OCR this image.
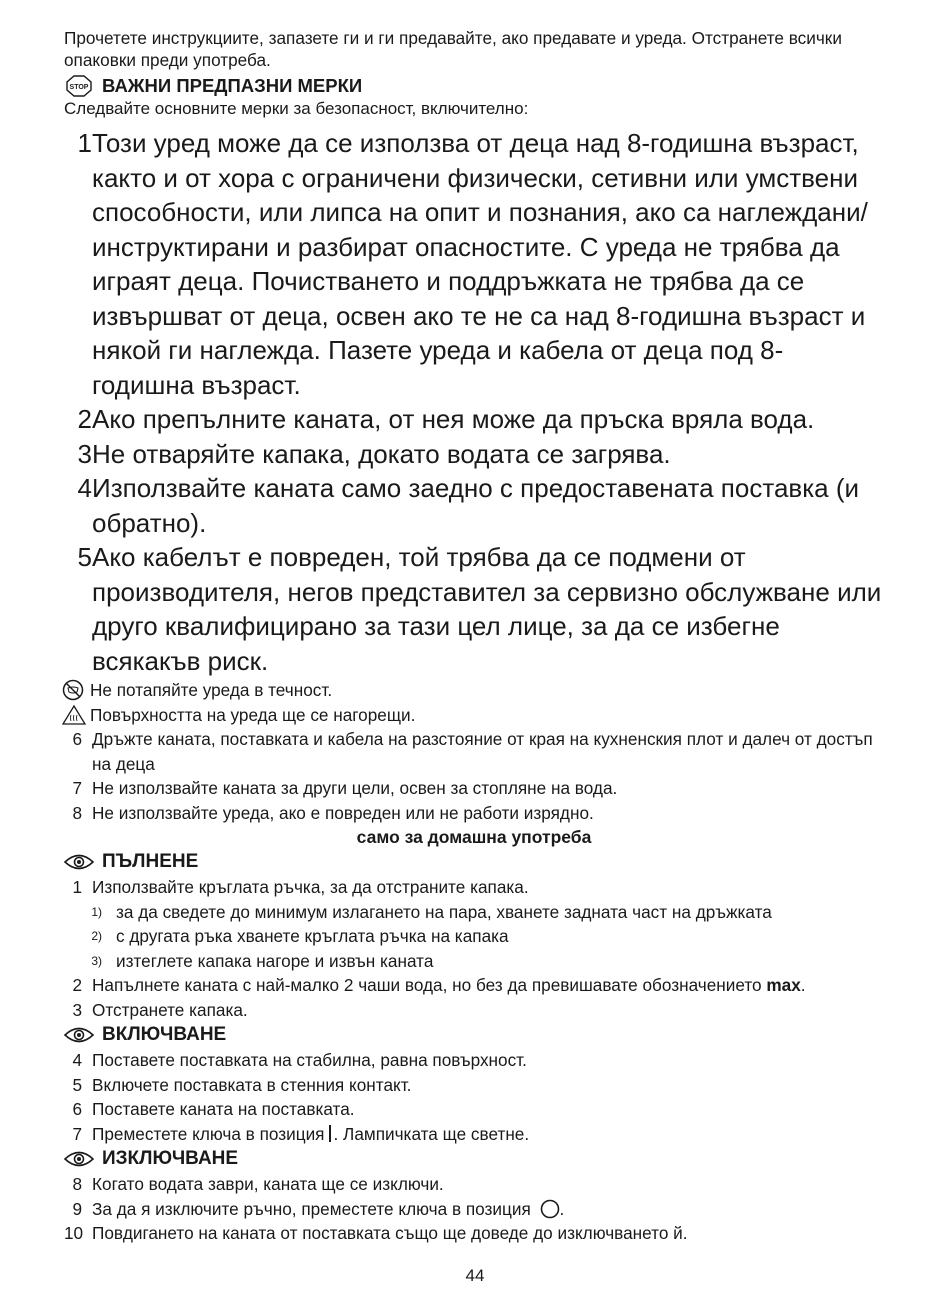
Прочетете инструкциите, запазете ги и ги предавайте, ако предавате и уреда. Отстранете всички опаковки преди употреба.
STOP ВАЖНИ ПРЕДПАЗНИ МЕРКИ
Следвайте основните мерки за безопасност, включително:
1 Този уред може да се използва от деца над 8-годишна възраст, както и от хора с ограничени физически, сетивни или умствени способности, или липса на опит и познания, ако са наглеждани/ инструктирани и разбират опасностите. С уреда не трябва да играят деца. Почистването и поддръжката не трябва да се извършват от деца, освен ако те не са над 8-годишна възраст и някой ги наглежда. Пазете уреда и кабела от деца под 8-годишна възраст.
2 Ако препълните каната, от нея може да пръска вряла вода.
3 Не отваряйте капака, докато водата се загрява.
4 Използвайте каната само заедно с предоставената поставка (и обратно).
5 Ако кабелът е повреден, той трябва да се подмени от производителя, негов представител за сервизно обслужване или друго квалифицирано за тази цел лице, за да се избегне всякакъв риск.
Не потапяйте уреда в течност.
Повърхността на уреда ще се нагорещи.
6 Дръжте каната, поставката и кабела на разстояние от края на кухненския плот и далеч от достъп на деца
7 Не използвайте каната за други цели, освен за стопляне на вода.
8 Не използвайте уреда, ако е повреден или не работи изрядно.
само за домашна употреба
ПЪЛНЕНЕ
1 Използвайте кръглата ръчка, за да отстраните капака.
1) за да сведете до минимум излагането на пара, хванете задната част на дръжката
2) с другата ръка хванете кръглата ръчка на капака
3) изтеглете капака нагоре и извън каната
2 Напълнете каната с най-малко 2 чаши вода, но без да превишавате обозначението max.
3 Отстранете капака.
ВКЛЮЧВАНЕ
4 Поставете поставката на стабилна, равна повърхност.
5 Включете поставката в стенния контакт.
6 Поставете каната на поставката.
7 Преместете ключа в позиция . Лампичката ще светне.
ИЗКЛЮЧВАНЕ
8 Когато водата заври, каната ще се изключи.
9 За да я изключите ръчно, преместете ключа в позиция .
10 Повдигането на каната от поставката също ще доведе до изключването й.
44
